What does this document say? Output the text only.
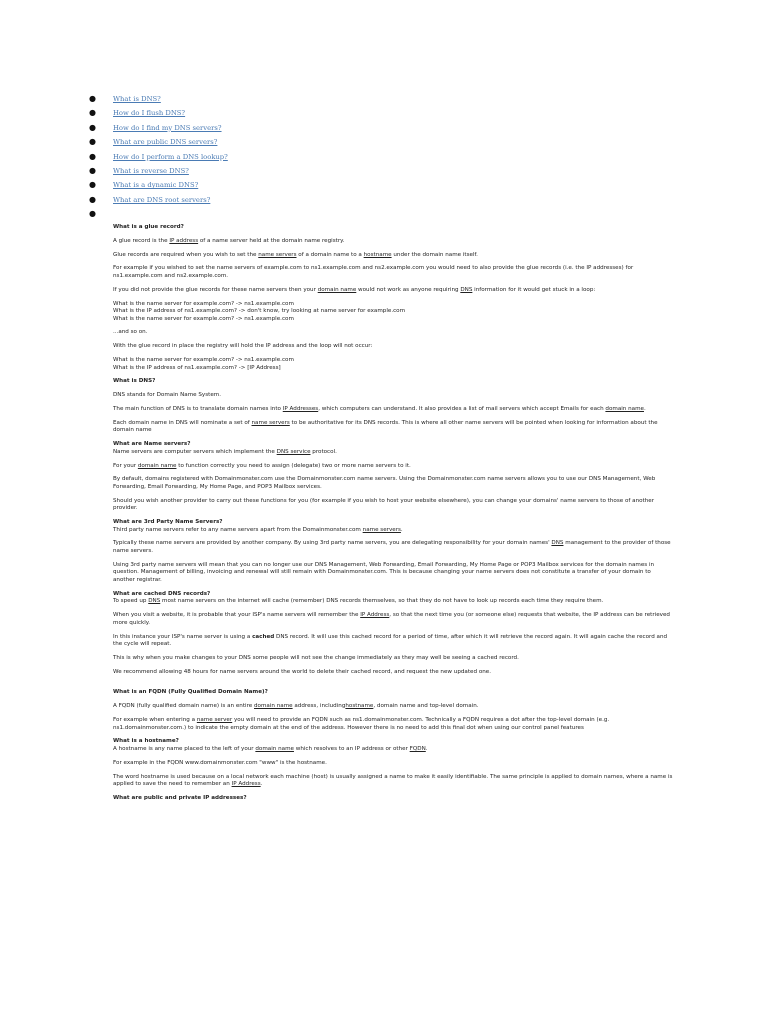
●	What is DNS?
●	How do I flush DNS?
●	How do I find my DNS servers?
●	What are public DNS servers?
●	How do I perform a DNS lookup?
●	What is reverse DNS?
●	What is a dynamic DNS?
●	What are DNS root servers?
●
What is a glue record?

A glue record is the IP address of a name server held at the domain name registry.

Glue records are required when you wish to set the name servers of a domain name to a hostname under the domain name itself.

For example if you wished to set the name servers of example.com to ns1.example.com and ns2.example.com you would need to also provide the glue records (i.e. the IP addresses) for ns1.example.com and ns2.example.com.

If you did not provide the glue records for these name servers then your domain name would not work as anyone requiring DNS information for it would get stuck in a loop:

What is the name server for example.com? -> ns1.example.com
What is the IP address of ns1.example.com? -> don't know, try looking at name server for example.com
What is the name server for example.com? -> ns1.example.com

...and so on.

With the glue record in place the registry will hold the IP address and the loop will not occur:

What is the name server for example.com? -> ns1.example.com
What is the IP address of ns1.example.com? -> [IP Address]

What is DNS?

DNS stands for Domain Name System.

The main function of DNS is to translate domain names into IP Addresses, which computers can understand. It also provides a list of mail servers which accept Emails for each domain name.

Each domain name in DNS will nominate a set of name servers to be authoritative for its DNS records. This is where all other name servers will be pointed when looking for information about the domain name

What are Name servers?

Name servers are computer servers which implement the DNS service protocol.

For your domain name to function correctly you need to assign (delegate) two or more name servers to it.

By default, domains registered with Domainmonster.com use the Domainmonster.com name servers. Using the Domainmonster.com name servers allows you to use our DNS Management, Web Forwarding, Email Forwarding, My Home Page, and POP3 Mailbox services.

Should you wish another provider to carry out these functions for you (for example if you wish to host your website elsewhere), you can change your domains' name servers to those of another provider.

What are 3rd Party Name Servers?

Third party name servers refer to any name servers apart from the Domainmonster.com name servers.

Typically these name servers are provided by another company. By using 3rd party name servers, you are delegating responsibility for your domain names' DNS management to the provider of those name servers.

Using 3rd party name servers will mean that you can no longer use our DNS Management, Web Forwarding, Email Forwarding, My Home Page or POP3 Mailbox services for the domain names in question. Management of billing, invoicing and renewal will still remain with Domainmonster.com. This is because changing your name servers does not constitute a transfer of your domain to another registrar.

What are cached DNS records?

To speed up DNS most name servers on the internet will cache (remember) DNS records themselves, so that they do not have to look up records each time they require them.

When you visit a website, it is probable that your ISP's name servers will remember the IP Address, so that the next time you (or someone else) requests that website, the IP address can be retrieved more quickly.

In this instance your ISP's name server is using a cached DNS record. It will use this cached record for a period of time, after which it will retrieve the record again. It will again cache the record and the cycle will repeat.

This is why when you make changes to your DNS some people will not see the change immediately as they may well be seeing a cached record.

We recommend allowing 48 hours for name servers around the world to delete their cached record, and request the new updated one.

What is an FQDN (Fully Qualified Domain Name)?

A FQDN (fully qualified domain name) is an entire domain name address, includinghostname, domain name and top-level domain.

For example when entering a name server you will need to provide an FQDN such as ns1.domainmonster.com. Technically a FQDN requires a dot after the top-level domain (e.g. ns1.domainmonster.com.) to indicate the empty domain at the end of the address. However there is no need to add this final dot when using our control panel features

What is a hostname?

A hostname is any name placed to the left of your domain name which resolves to an IP address or other FQDN.

For example in the FQDN www.domainmonster.com "www" is the hostname.

The word hostname is used because on a local network each machine (host) is usually assigned a name to make it easily identifiable. The same principle is applied to domain names, where a name is applied to save the need to remember an IP Address.

What are public and private IP addresses?
